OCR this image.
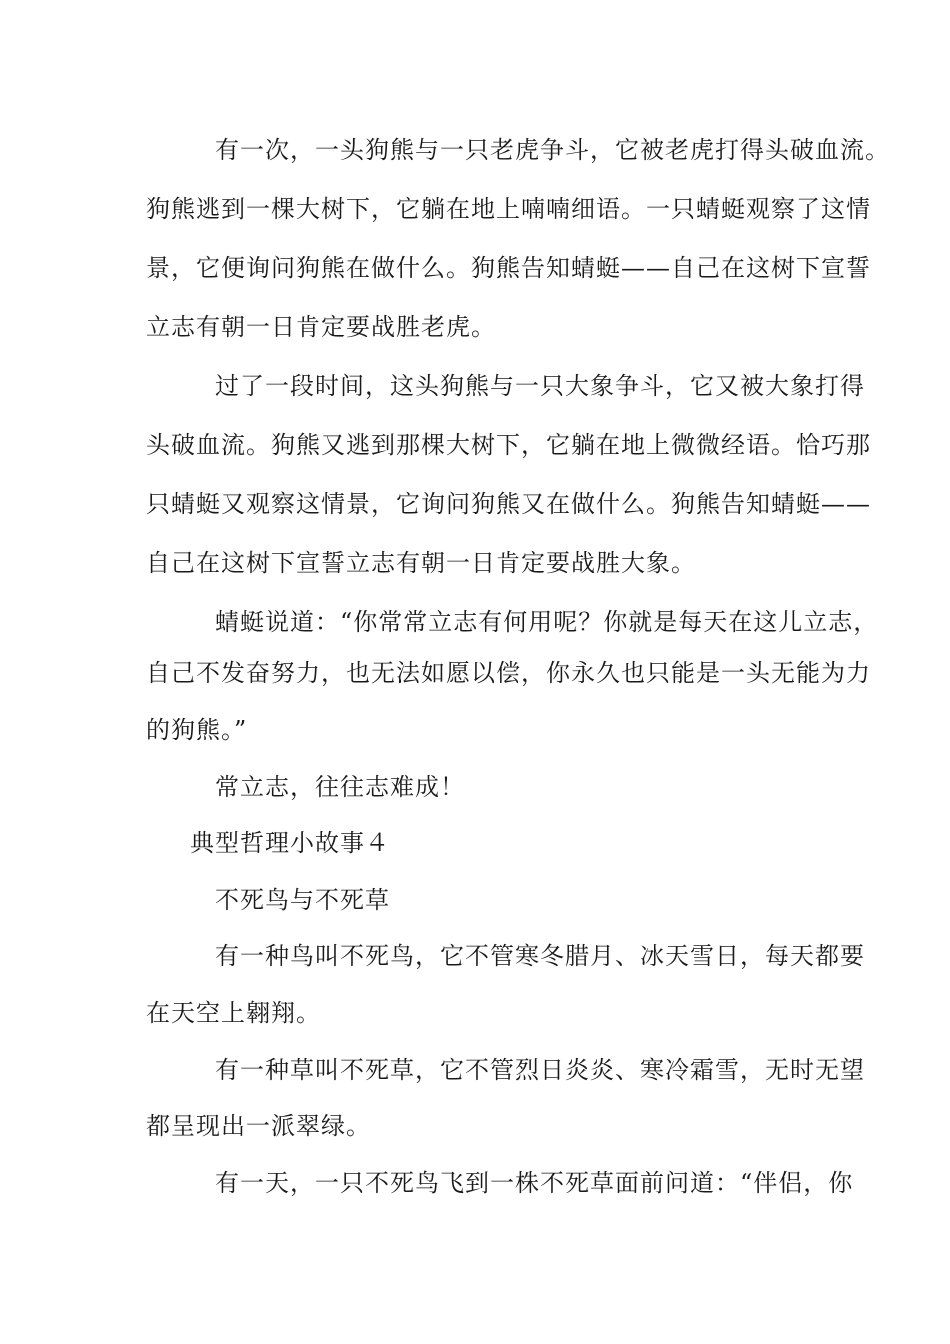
有一次，一头狗熊与一只老虎争斗，它被老虎打得头破血流。
狗熊逃到一棵大树下，它躺在地上喃喃细语。一只蜻蜓观察了这情
景，它便询问狗熊在做什么。狗熊告知蜻蜓——自己在这树下宣誓
立志有朝一日肯定要战胜老虎。
过了一段时间，这头狗熊与一只大象争斗，它又被大象打得
头破血流。狗熊又逃到那棵大树下，它躺在地上微微经语。恰巧那
只蜻蜓又观察这情景，它询问狗熊又在做什么。狗熊告知蜻蜓——
自己在这树下宣誓立志有朝一日肯定要战胜大象。
蜻蜓说道：“你常常立志有何用呢？你就是每天在这儿立志，
自己不发奋努力，也无法如愿以偿，你永久也只能是一头无能为力
的狗熊。”
常立志，往往志难成！
典型哲理小故事４
不死鸟与不死草
有一种鸟叫不死鸟，它不管寒冬腊月、冰天雪日，每天都要
在天空上翱翔。
有一种草叫不死草，它不管烈日炎炎、寒冷霜雪，无时无望
都呈现出一派翠绿。
有一天，一只不死鸟飞到一株不死草面前问道：“伴侣，你
